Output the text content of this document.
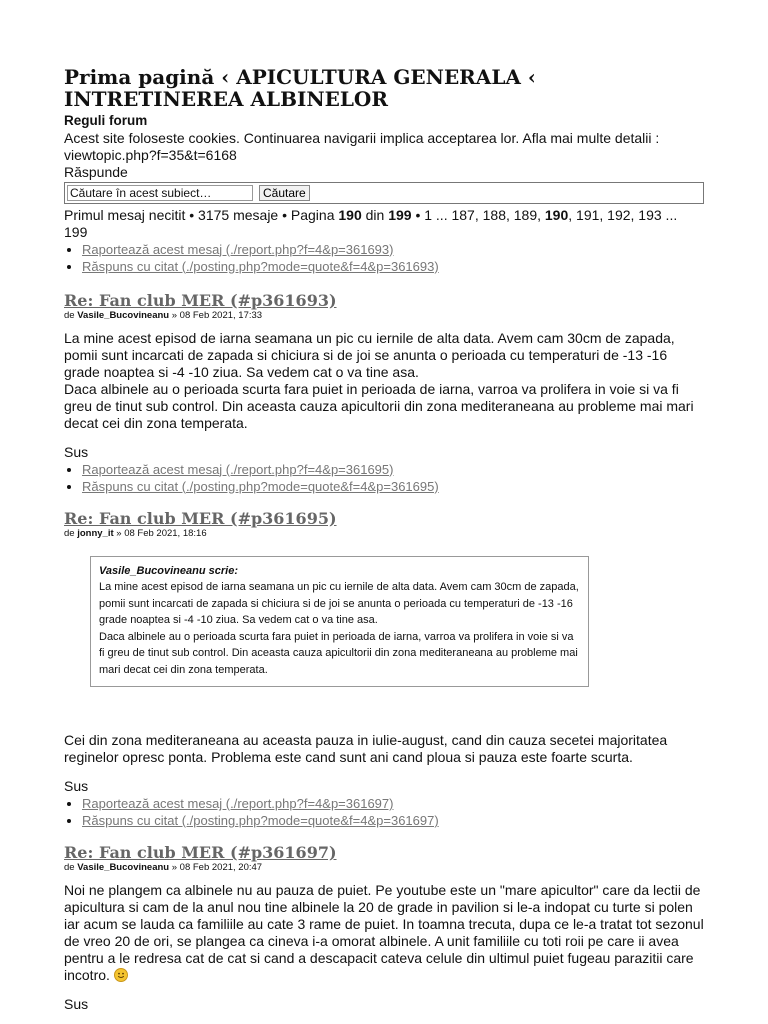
Prima pagină ‹ APICULTURA GENERALA ‹ INTRETINEREA ALBINELOR
Reguli forum
Acest site foloseste cookies. Continuarea navigarii implica acceptarea lor. Afla mai multe detalii : viewtopic.php?f=35&t=6168
Răspunde
Căutare în acest subiect…
Căutare
Primul mesaj necitit • 3175 mesaje • Pagina 190 din 199 • 1 ... 187, 188, 189, 190, 191, 192, 193 ... 199
• Raportează acest mesaj (./report.php?f=4&p=361693)
• Răspuns cu citat (./posting.php?mode=quote&f=4&p=361693)
Re: Fan club MER (#p361693)
de Vasile_Bucovineanu » 08 Feb 2021, 17:33

La mine acest episod de iarna seamana un pic cu iernile de alta data. Avem cam 30cm de zapada, pomii sunt incarcati de zapada si chiciura si de joi se anunta o perioada cu temperaturi de -13 -16 grade noaptea si -4 -10 ziua. Sa vedem cat o va tine asa.

Daca albinele au o perioada scurta fara puiet in perioada de iarna, varroa va prolifera in voie si va fi greu de tinut sub control. Din aceasta cauza apicultorii din zona mediteraneana au probleme mai mari decat cei din zona temperata.

Sus
• Raportează acest mesaj (./report.php?f=4&p=361695)
• Răspuns cu citat (./posting.php?mode=quote&f=4&p=361695)
Re: Fan club MER (#p361695)
de jonny_it » 08 Feb 2021, 18:16
Vasile_Bucovineanu scrie:
La mine acest episod de iarna seamana un pic cu iernile de alta data. Avem cam 30cm de zapada, pomii sunt incarcati de zapada si chiciura si de joi se anunta o perioada cu temperaturi de -13 -16 grade noaptea si -4 -10 ziua. Sa vedem cat o va tine asa.
Daca albinele au o perioada scurta fara puiet in perioada de iarna, varroa va prolifera in voie si va fi greu de tinut sub control. Din aceasta cauza apicultorii din zona mediteraneana au probleme mai mari decat cei din zona temperata.

Cei din zona mediteraneana au aceasta pauza in iulie-august, cand din cauza secetei majoritatea reginelor opresc ponta. Problema este cand sunt ani cand ploua si pauza este foarte scurta.

Sus
• Raportează acest mesaj (./report.php?f=4&p=361697)
• Răspuns cu citat (./posting.php?mode=quote&f=4&p=361697)
Re: Fan club MER (#p361697)
de Vasile_Bucovineanu » 08 Feb 2021, 20:47

Noi ne plangem ca albinele nu au pauza de puiet. Pe youtube este un "mare apicultor" care da lectii de apicultura si cam de la anul nou tine albinele la 20 de grade in pavilion si le-a indopat cu turte si polen iar acum se lauda ca familiile au cate 3 rame de puiet. In toamna trecuta, dupa ce le-a tratat tot sezonul de vreo 20 de ori, se plangea ca cineva i-a omorat albinele. A unit familiile cu toti roii pe care ii avea pentru a le redresa cat de cat si cand a descapacit cateva celule din ultimul puiet fugeau parazitii care incotro.

Sus
